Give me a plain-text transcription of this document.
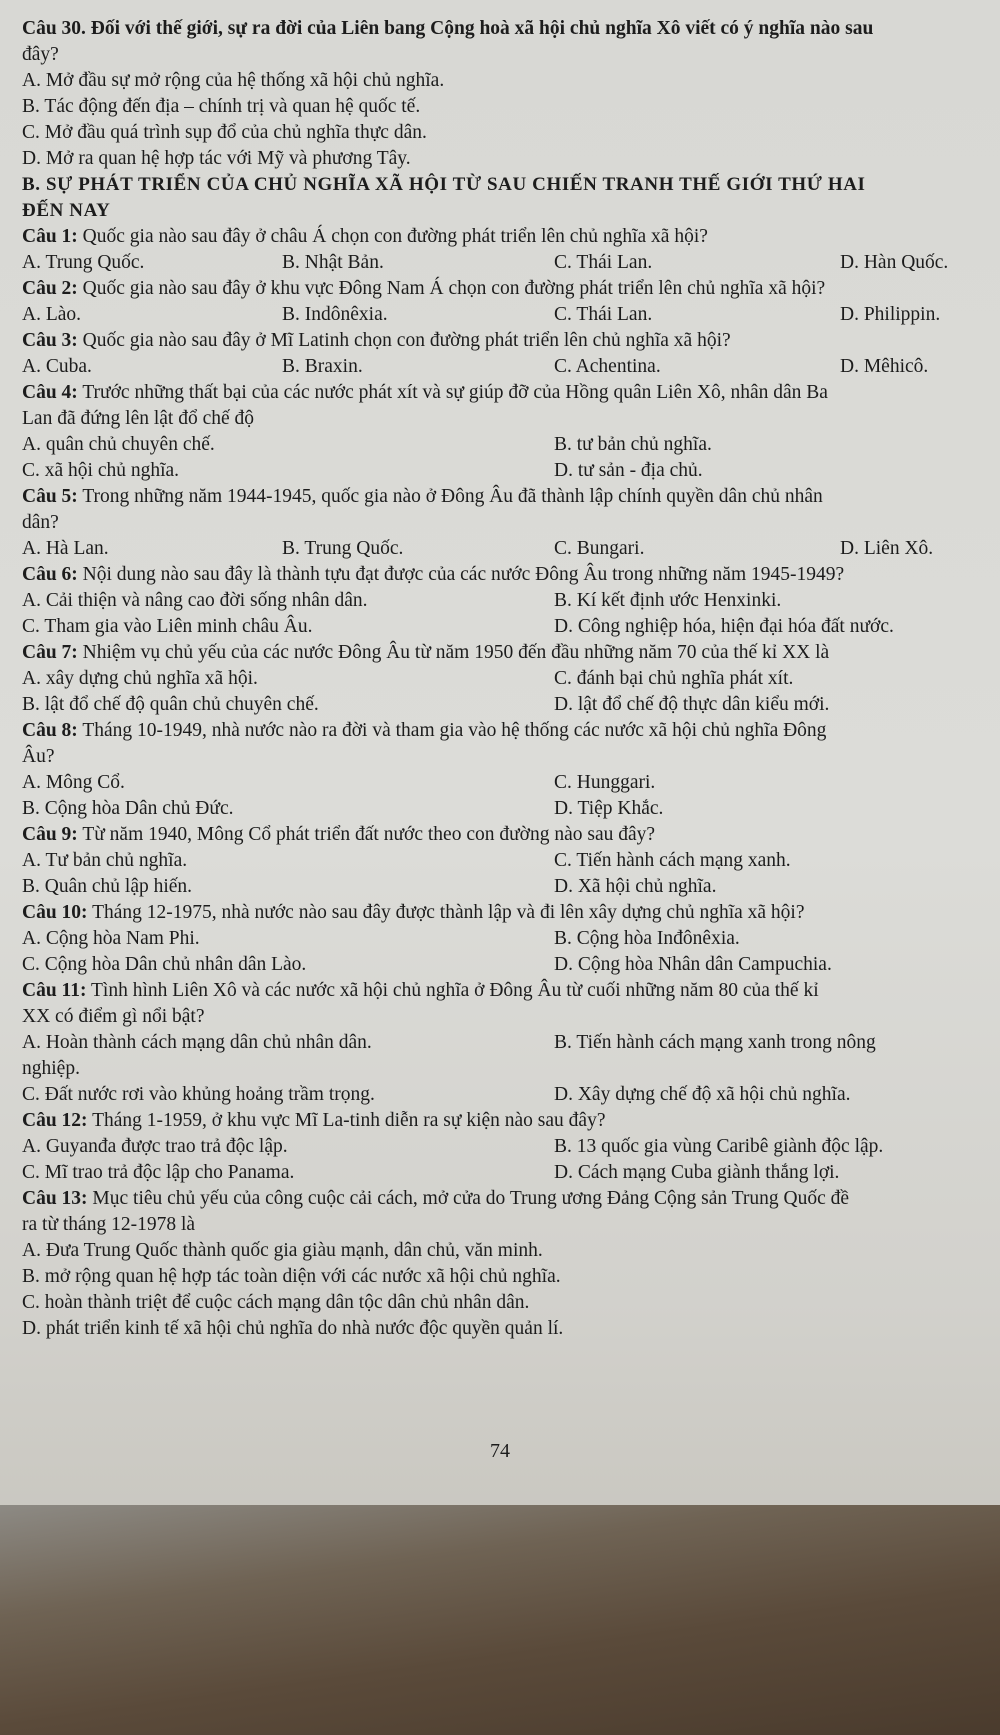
Câu 30. Đối với thế giới, sự ra đời của Liên bang Cộng hoà xã hội chủ nghĩa Xô viết có ý nghĩa nào sau
đây?
A. Mở đầu sự mở rộng của hệ thống xã hội chủ nghĩa.
B. Tác động đến địa – chính trị và quan hệ quốc tế.
C. Mở đầu quá trình sụp đổ của chủ nghĩa thực dân.
D. Mở ra quan hệ hợp tác với Mỹ và phương Tây.
B. SỰ PHÁT TRIỂN CỦA CHỦ NGHĨA XÃ HỘI TỪ SAU CHIẾN TRANH THẾ GIỚI THỨ HAI
ĐẾN NAY
Câu 1: Quốc gia nào sau đây ở châu Á chọn con đường phát triển lên chủ nghĩa xã hội?
A. Trung Quốc.	B. Nhật Bản.	C. Thái Lan.	D. Hàn Quốc.
Câu 2: Quốc gia nào sau đây ở khu vực Đông Nam Á chọn con đường phát triển lên chủ nghĩa xã hội?
A. Lào.	B. Indônêxia.	C. Thái Lan.	D. Philippin.
Câu 3: Quốc gia nào sau đây ở Mĩ Latinh chọn con đường phát triển lên chủ nghĩa xã hội?
A. Cuba.	B. Braxin.	C. Achentina.	D. Mêhicô.
Câu 4: Trước những thất bại của các nước phát xít và sự giúp đỡ của Hồng quân Liên Xô, nhân dân Ba
Lan đã đứng lên lật đổ chế độ
A. quân chủ chuyên chế.	B. tư bản chủ nghĩa.
C. xã hội chủ nghĩa.	D. tư sản - địa chủ.
Câu 5: Trong những năm 1944-1945, quốc gia nào ở Đông Âu đã thành lập chính quyền dân chủ nhân
dân?
A. Hà Lan.	B. Trung Quốc.	C. Bungari.	D. Liên Xô.
Câu 6: Nội dung nào sau đây là thành tựu đạt được của các nước Đông Âu trong những năm 1945-1949?
A. Cải thiện và nâng cao đời sống nhân dân.	B. Kí kết định ước Henxinki.
C. Tham gia vào Liên minh châu Âu.	D. Công nghiệp hóa, hiện đại hóa đất nước.
Câu 7: Nhiệm vụ chủ yếu của các nước Đông Âu từ năm 1950 đến đầu những năm 70 của thế kỉ XX là
A. xây dựng chủ nghĩa xã hội.	C. đánh bại chủ nghĩa phát xít.
B. lật đổ chế độ quân chủ chuyên chế.	D. lật đổ chế độ thực dân kiểu mới.
Câu 8: Tháng 10-1949, nhà nước nào ra đời và tham gia vào hệ thống các nước xã hội chủ nghĩa Đông
Âu?
A. Mông Cổ.	C. Hunggari.
B. Cộng hòa Dân chủ Đức.	D. Tiệp Khắc.
Câu 9: Từ năm 1940, Mông Cổ phát triển đất nước theo con đường nào sau đây?
A. Tư bản chủ nghĩa.	C. Tiến hành cách mạng xanh.
B. Quân chủ lập hiến.	D. Xã hội chủ nghĩa.
Câu 10: Tháng 12-1975, nhà nước nào sau đây được thành lập và đi lên xây dựng chủ nghĩa xã hội?
A. Cộng hòa Nam Phi.	B. Cộng hòa Inđônêxia.
C. Cộng hòa Dân chủ nhân dân Lào.	D. Cộng hòa Nhân dân Campuchia.
Câu 11: Tình hình Liên Xô và các nước xã hội chủ nghĩa ở Đông Âu từ cuối những năm 80 của thế kỉ
XX có điểm gì nổi bật?
A. Hoàn thành cách mạng dân chủ nhân dân.	B. Tiến hành cách mạng xanh trong nông
nghiệp.
C. Đất nước rơi vào khủng hoảng trầm trọng.	D. Xây dựng chế độ xã hội chủ nghĩa.
Câu 12: Tháng 1-1959, ở khu vực Mĩ La-tinh diễn ra sự kiện nào sau đây?
A. Guyanđa được trao trả độc lập.	B. 13 quốc gia vùng Caribê giành độc lập.
C. Mĩ trao trả độc lập cho Panama.	D. Cách mạng Cuba giành thắng lợi.
Câu 13: Mục tiêu chủ yếu của công cuộc cải cách, mở cửa do Trung ương Đảng Cộng sản Trung Quốc đề
ra từ tháng 12-1978 là
A. Đưa Trung Quốc thành quốc gia giàu mạnh, dân chủ, văn minh.
B. mở rộng quan hệ hợp tác toàn diện với các nước xã hội chủ nghĩa.
C. hoàn thành triệt để cuộc cách mạng dân tộc dân chủ nhân dân.
D. phát triển kinh tế xã hội chủ nghĩa do nhà nước độc quyền quản lí.
74
